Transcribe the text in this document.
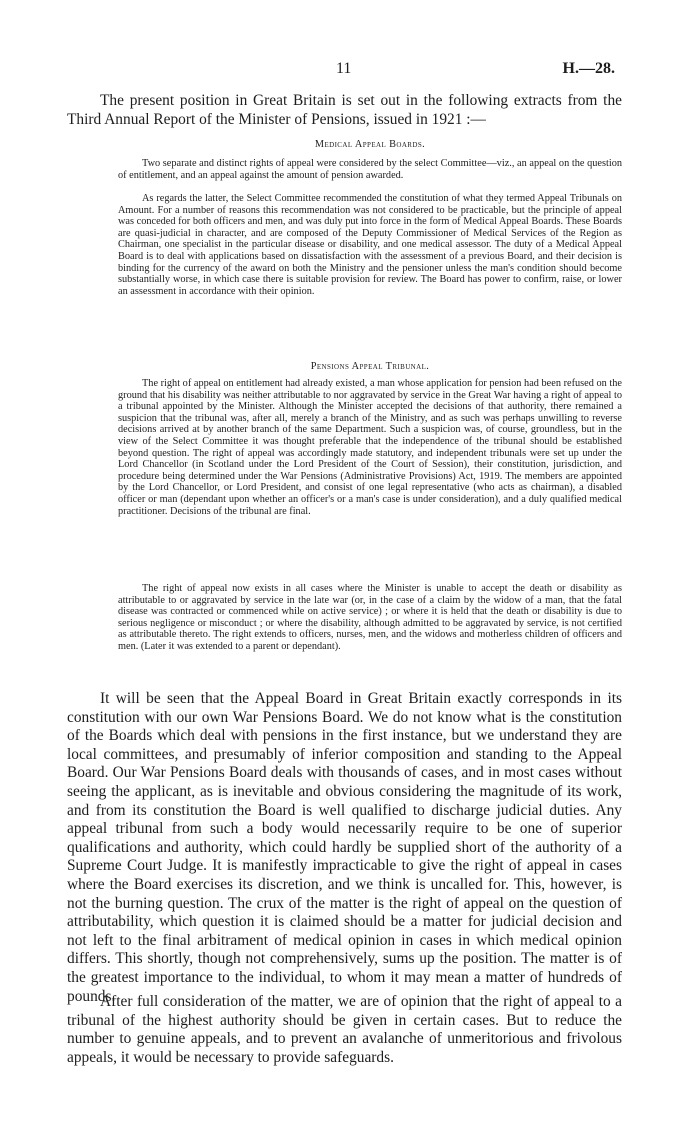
11	H.—28.

The present position in Great Britain is set out in the following extracts from the Third Annual Report of the Minister of Pensions, issued in 1921 :—

Medical Appeal Boards.

Two separate and distinct rights of appeal were considered by the select Committee—viz., an appeal on the question of entitlement, and an appeal against the amount of pension awarded.

As regards the latter, the Select Committee recommended the constitution of what they termed Appeal Tribunals on Amount. For a number of reasons this recommendation was not considered to be practicable, but the principle of appeal was conceded for both officers and men, and was duly put into force in the form of Medical Appeal Boards. These Boards are quasi-judicial in character, and are composed of the Deputy Commissioner of Medical Services of the Region as Chairman, one specialist in the particular disease or disability, and one medical assessor. The duty of a Medical Appeal Board is to deal with applications based on dissatisfaction with the assessment of a previous Board, and their decision is binding for the currency of the award on both the Ministry and the pensioner unless the man's condition should become substantially worse, in which case there is suitable provision for review. The Board has power to confirm, raise, or lower an assessment in accordance with their opinion.

Pensions Appeal Tribunal.

The right of appeal on entitlement had already existed, a man whose application for pension had been refused on the ground that his disability was neither attributable to nor aggravated by service in the Great War having a right of appeal to a tribunal appointed by the Minister. Although the Minister accepted the decisions of that authority, there remained a suspicion that the tribunal was, after all, merely a branch of the Ministry, and as such was perhaps unwilling to reverse decisions arrived at by another branch of the same Department. Such a suspicion was, of course, groundless, but in the view of the Select Committee it was thought preferable that the independence of the tribunal should be established beyond question. The right of appeal was accordingly made statutory, and independent tribunals were set up under the Lord Chancellor (in Scotland under the Lord President of the Court of Session), their constitution, jurisdiction, and procedure being determined under the War Pensions (Administrative Provisions) Act, 1919. The members are appointed by the Lord Chancellor, or Lord President, and consist of one legal representative (who acts as chairman), a disabled officer or man (dependant upon whether an officer's or a man's case is under consideration), and a duly qualified medical practitioner. Decisions of the tribunal are final.

The right of appeal now exists in all cases where the Minister is unable to accept the death or disability as attributable to or aggravated by service in the late war (or, in the case of a claim by the widow of a man, that the fatal disease was contracted or commenced while on active service) ; or where it is held that the death or disability is due to serious negligence or misconduct ; or where the disability, although admitted to be aggravated by service, is not certified as attributable thereto. The right extends to officers, nurses, men, and the widows and motherless children of officers and men. (Later it was extended to a parent or dependant).

It will be seen that the Appeal Board in Great Britain exactly corresponds in its constitution with our own War Pensions Board. We do not know what is the constitution of the Boards which deal with pensions in the first instance, but we understand they are local committees, and presumably of inferior composition and standing to the Appeal Board. Our War Pensions Board deals with thousands of cases, and in most cases without seeing the applicant, as is inevitable and obvious considering the magnitude of its work, and from its constitution the Board is well qualified to discharge judicial duties. Any appeal tribunal from such a body would necessarily require to be one of superior qualifications and authority, which could hardly be supplied short of the authority of a Supreme Court Judge. It is manifestly impracticable to give the right of appeal in cases where the Board exercises its discretion, and we think is uncalled for. This, however, is not the burning question. The crux of the matter is the right of appeal on the question of attributability, which question it is claimed should be a matter for judicial decision and not left to the final arbitrament of medical opinion in cases in which medical opinion differs. This shortly, though not comprehensively, sums up the position. The matter is of the greatest importance to the individual, to whom it may mean a matter of hundreds of pounds.

After full consideration of the matter, we are of opinion that the right of appeal to a tribunal of the highest authority should be given in certain cases. But to reduce the number to genuine appeals, and to prevent an avalanche of unmeritorious and frivolous appeals, it would be necessary to provide safeguards.
